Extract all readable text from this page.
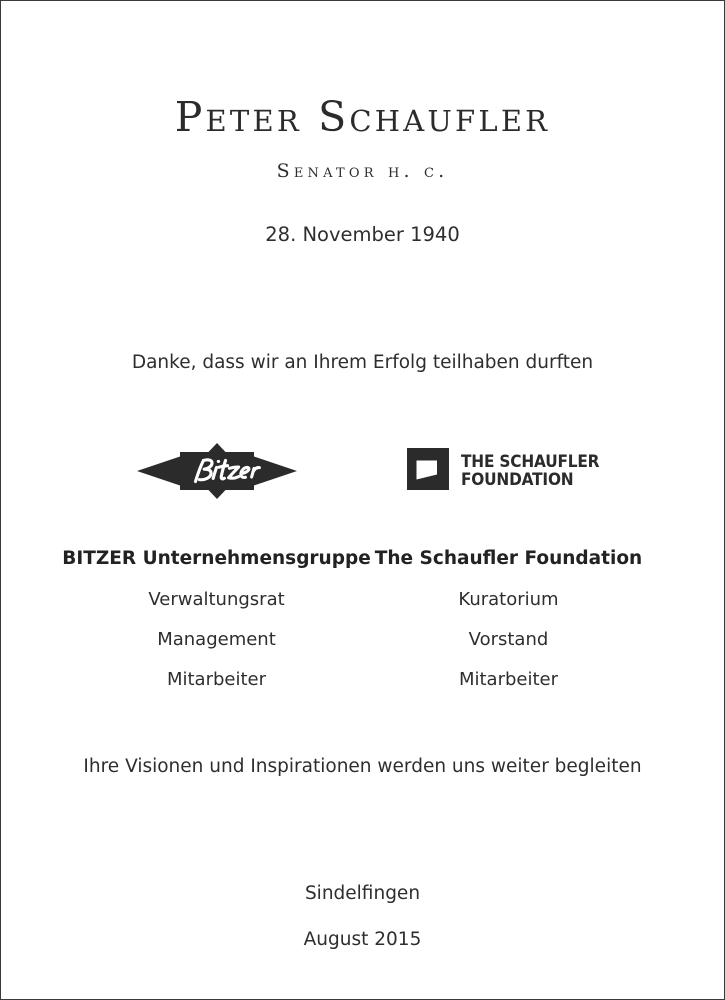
Peter Schaufler
Senator h. c.
28. November 1940
Danke, dass wir an Ihrem Erfolg teilhaben durften
BITZER Unternehmensgruppe
Verwaltungsrat
Management
Mitarbeiter
THE SCHAUFLER
FOUNDATION
The Schaufler Foundation
Kuratorium
Vorstand
Mitarbeiter
Ihre Visionen und Inspirationen werden uns weiter begleiten
Sindelfingen
August 2015
